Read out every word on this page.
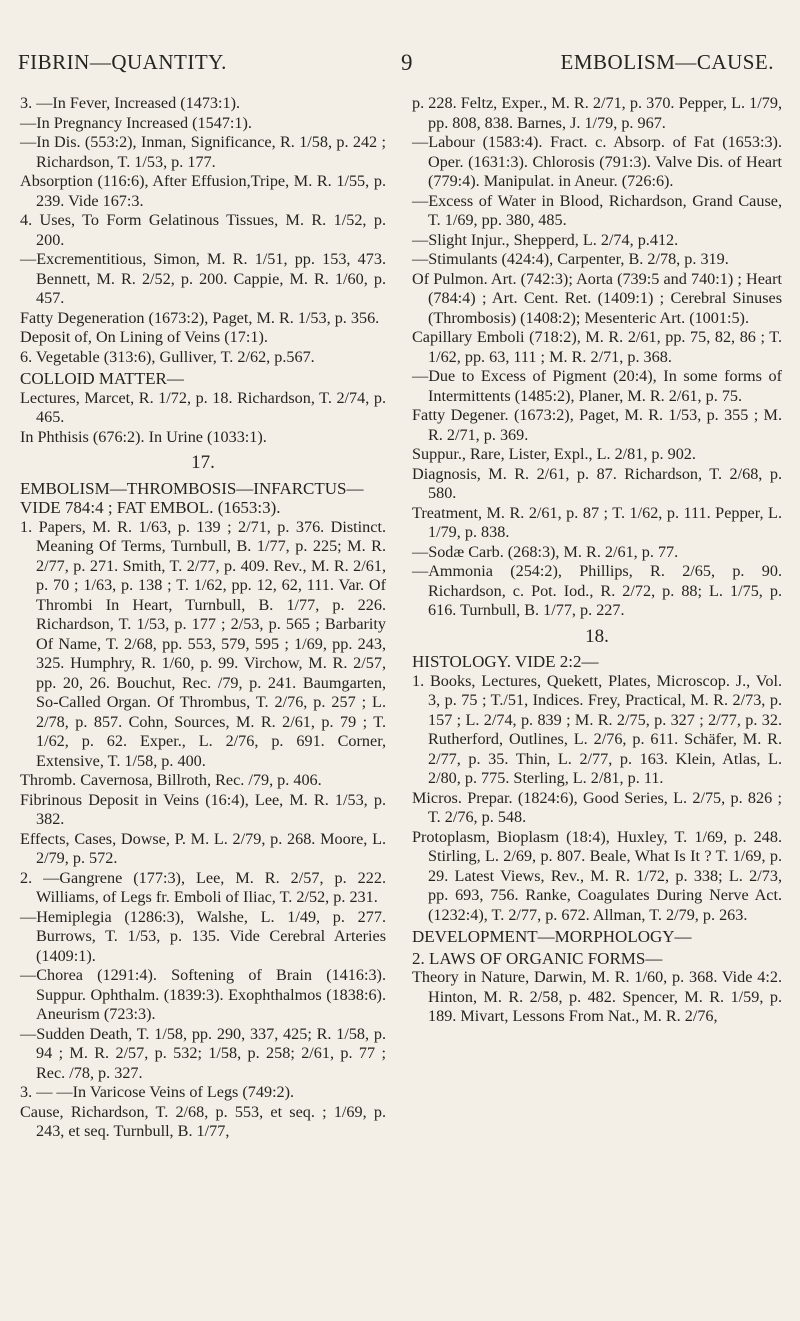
FIBRIN—QUANTITY.	9	EMBOLISM—CAUSE.

3. —In Fever, Increased (1473:1).

—In Pregnancy Increased (1547:1).

—In Dis. (553:2), Inman, Significance, R. 1/58, p. 242 ; Richardson, T. 1/53, p. 177.

Absorption (116:6), After Effusion,Tripe, M. R. 1/55, p. 239. Vide 167:3.

4. Uses, To Form Gelatinous Tissues, M. R. 1/52, p. 200.

—Excrementitious, Simon, M. R. 1/51, pp. 153, 473. Bennett, M. R. 2/52, p. 200. Cappie, M. R. 1/60, p. 457.

Fatty Degeneration (1673:2), Paget, M. R. 1/53, p. 356.

Deposit of, On Lining of Veins (17:1).

6. Vegetable (313:6), Gulliver, T. 2/62, p.567.

COLLOID MATTER—

Lectures, Marcet, R. 1/72, p. 18. Richardson, T. 2/74, p. 465.

In Phthisis (676:2). In Urine (1033:1).

17.

EMBOLISM—THROMBOSIS—INFARCTUS—VIDE 784:4 ; FAT EMBOL. (1653:3).

1. Papers, M. R. 1/63, p. 139 ; 2/71, p. 376. Distinct. Meaning Of Terms, Turnbull, B. 1/77, p. 225; M. R. 2/77, p. 271. Smith, T. 2/77, p. 409. Rev., M. R. 2/61, p. 70 ; 1/63, p. 138 ; T. 1/62, pp. 12, 62, 111. Var. Of Thrombi In Heart, Turnbull, B. 1/77, p. 226. Richardson, T. 1/53, p. 177 ; 2/53, p. 565 ; Barbarity Of Name, T. 2/68, pp. 553, 579, 595 ; 1/69, pp. 243, 325. Humphry, R. 1/60, p. 99. Virchow, M. R. 2/57, pp. 20, 26. Bouchut, Rec. /79, p. 241. Baumgarten, So-Called Organ. Of Thrombus, T. 2/76, p. 257 ; L. 2/78, p. 857. Cohn, Sources, M. R. 2/61, p. 79 ; T. 1/62, p. 62. Exper., L. 2/76, p. 691. Corner, Extensive, T. 1/58, p. 400.

Thromb. Cavernosa, Billroth, Rec. /79, p. 406.

Fibrinous Deposit in Veins (16:4), Lee, M. R. 1/53, p. 382.

Effects, Cases, Dowse, P. M. L. 2/79, p. 268. Moore, L. 2/79, p. 572.

2. —Gangrene (177:3), Lee, M. R. 2/57, p. 222. Williams, of Legs fr. Emboli of Iliac, T. 2/52, p. 231.

—Hemiplegia (1286:3), Walshe, L. 1/49, p. 277. Burrows, T. 1/53, p. 135. Vide Cerebral Arteries (1409:1).

—Chorea (1291:4). Softening of Brain (1416:3). Suppur. Ophthalm. (1839:3). Exophthalmos (1838:6). Aneurism (723:3).

—Sudden Death, T. 1/58, pp. 290, 337, 425; R. 1/58, p. 94 ; M. R. 2/57, p. 532; 1/58, p. 258; 2/61, p. 77 ; Rec. /78, p. 327.

3. — —In Varicose Veins of Legs (749:2).

Cause, Richardson, T. 2/68, p. 553, et seq. ; 1/69, p. 243, et seq. Turnbull, B. 1/77,

p. 228. Feltz, Exper., M. R. 2/71, p. 370. Pepper, L. 1/79, pp. 808, 838. Barnes, J. 1/79, p. 967.

—Labour (1583:4). Fract. c. Absorp. of Fat (1653:3). Oper. (1631:3). Chlorosis (791:3). Valve Dis. of Heart (779:4). Manipulat. in Aneur. (726:6).

—Excess of Water in Blood, Richardson, Grand Cause, T. 1/69, pp. 380, 485.

—Slight Injur., Shepperd, L. 2/74, p.412.

—Stimulants (424:4), Carpenter, B. 2/78, p. 319.

Of Pulmon. Art. (742:3); Aorta (739:5 and 740:1) ; Heart (784:4) ; Art. Cent. Ret. (1409:1) ; Cerebral Sinuses (Thrombosis) (1408:2); Mesenteric Art. (1001:5).

Capillary Emboli (718:2), M. R. 2/61, pp. 75, 82, 86 ; T. 1/62, pp. 63, 111 ; M. R. 2/71, p. 368.

—Due to Excess of Pigment (20:4), In some forms of Intermittents (1485:2), Planer, M. R. 2/61, p. 75.

Fatty Degener. (1673:2), Paget, M. R. 1/53, p. 355 ; M. R. 2/71, p. 369.

Suppur., Rare, Lister, Expl., L. 2/81, p. 902.

Diagnosis, M. R. 2/61, p. 87. Richardson, T. 2/68, p. 580.

Treatment, M. R. 2/61, p. 87 ; T. 1/62, p. 111. Pepper, L. 1/79, p. 838.

—Sodæ Carb. (268:3), M. R. 2/61, p. 77.

—Ammonia (254:2), Phillips, R. 2/65, p. 90. Richardson, c. Pot. Iod., R. 2/72, p. 88; L. 1/75, p. 616. Turnbull, B. 1/77, p. 227.

18.

HISTOLOGY. VIDE 2:2—

1. Books, Lectures, Quekett, Plates, Microscop. J., Vol. 3, p. 75 ; T./51, Indices. Frey, Practical, M. R. 2/73, p. 157 ; L. 2/74, p. 839 ; M. R. 2/75, p. 327 ; 2/77, p. 32. Rutherford, Outlines, L. 2/76, p. 611. Schäfer, M. R. 2/77, p. 35. Thin, L. 2/77, p. 163. Klein, Atlas, L. 2/80, p. 775. Sterling, L. 2/81, p. 11.

Micros. Prepar. (1824:6), Good Series, L. 2/75, p. 826 ; T. 2/76, p. 548.

Protoplasm, Bioplasm (18:4), Huxley, T. 1/69, p. 248. Stirling, L. 2/69, p. 807. Beale, What Is It ? T. 1/69, p. 29. Latest Views, Rev., M. R. 1/72, p. 338; L. 2/73, pp. 693, 756. Ranke, Coagulates During Nerve Act. (1232:4), T. 2/77, p. 672. Allman, T. 2/79, p. 263.

DEVELOPMENT—MORPHOLOGY—

2. LAWS OF ORGANIC FORMS—

Theory in Nature, Darwin, M. R. 1/60, p. 368. Vide 4:2. Hinton, M. R. 2/58, p. 482. Spencer, M. R. 1/59, p. 189. Mivart, Lessons From Nat., M. R. 2/76,
